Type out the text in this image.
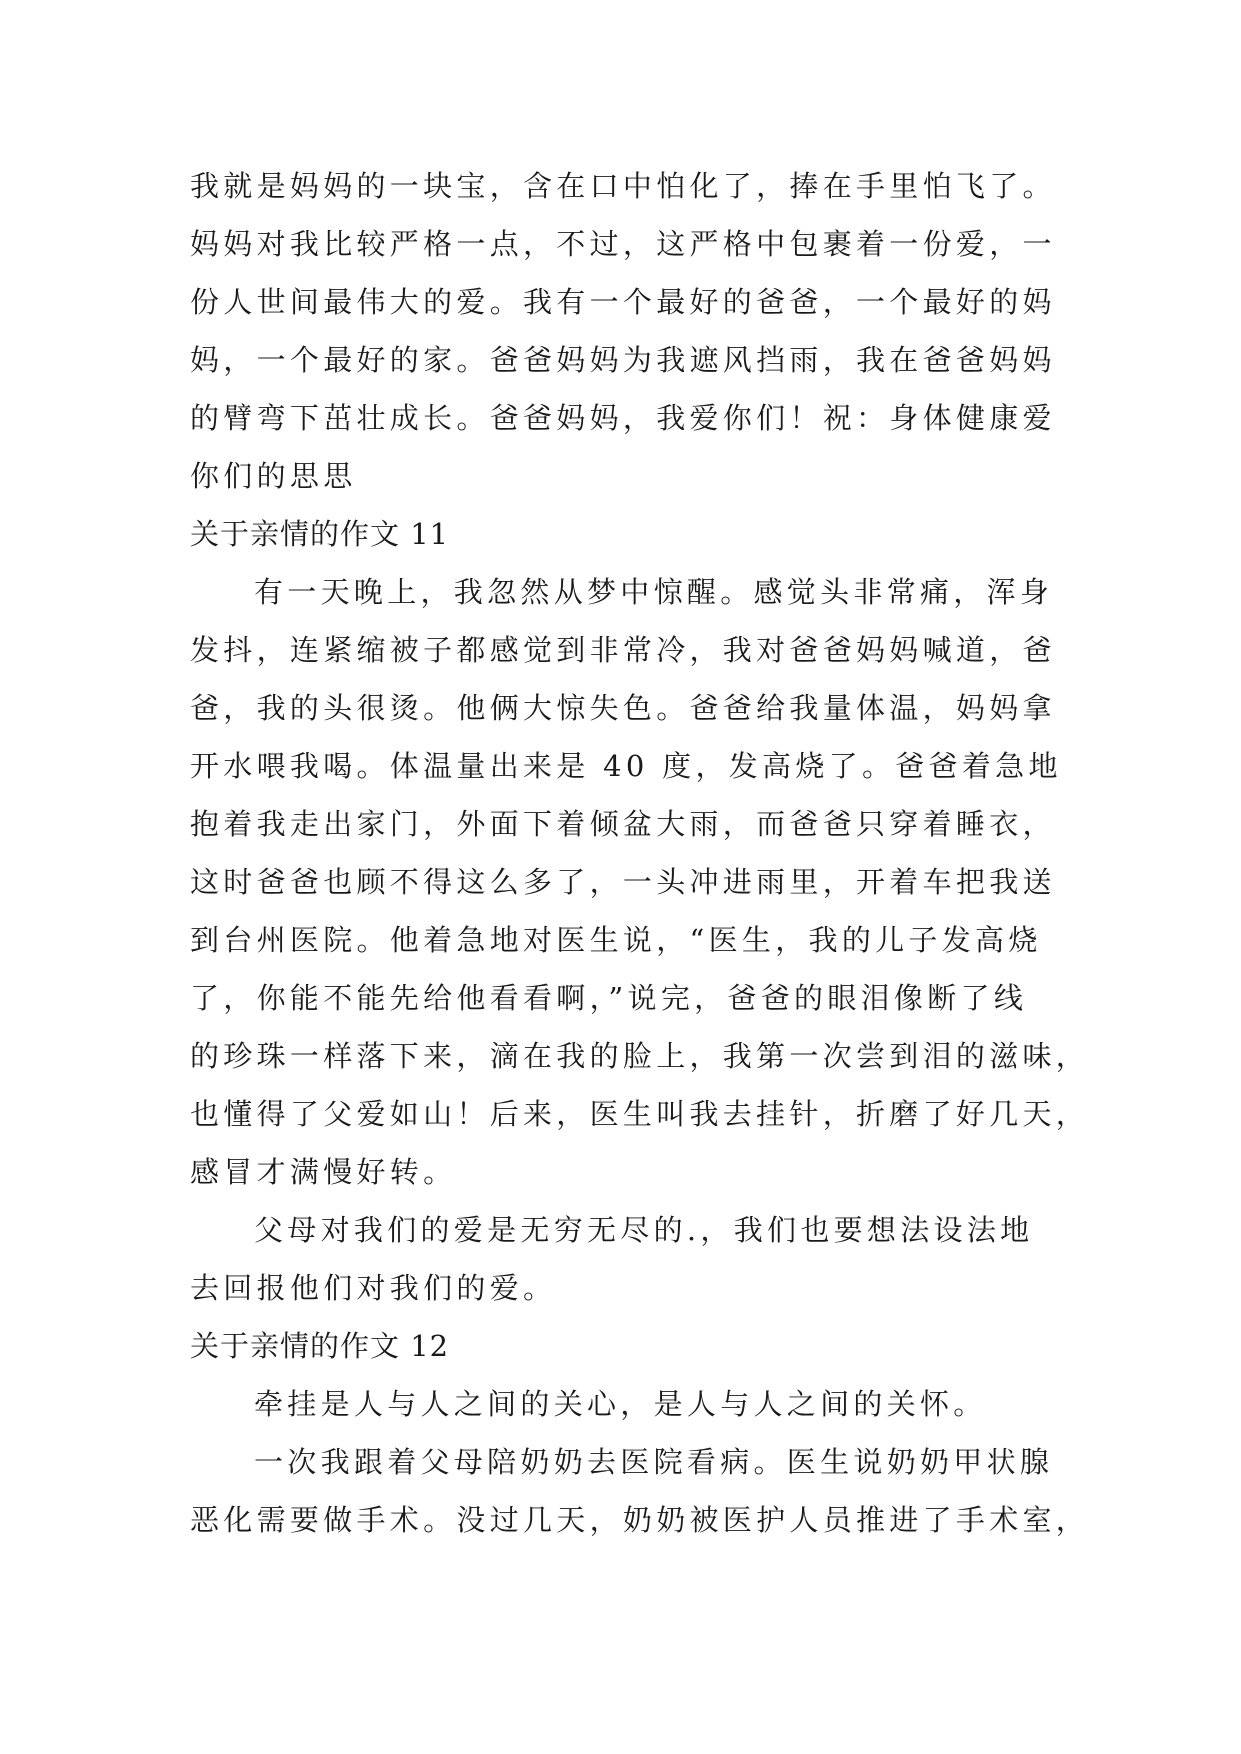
我就是妈妈的一块宝，含在口中怕化了，捧在手里怕飞了。
妈妈对我比较严格一点，不过，这严格中包裹着一份爱，一
份人世间最伟大的爱。我有一个最好的爸爸，一个最好的妈
妈，一个最好的家。爸爸妈妈为我遮风挡雨，我在爸爸妈妈
的臂弯下茁壮成长。爸爸妈妈，我爱你们！祝：身体健康爱
你们的思思
关于亲情的作文 11
有一天晚上，我忽然从梦中惊醒。感觉头非常痛，浑身
发抖，连紧缩被子都感觉到非常冷，我对爸爸妈妈喊道，爸
爸，我的头很烫。他俩大惊失色。爸爸给我量体温，妈妈拿
开水喂我喝。体温量出来是 40 度，发高烧了。爸爸着急地
抱着我走出家门，外面下着倾盆大雨，而爸爸只穿着睡衣，
这时爸爸也顾不得这么多了，一头冲进雨里，开着车把我送
到台州医院。他着急地对医生说，“医生，我的儿子发高烧
了，你能不能先给他看看啊，”说完，爸爸的眼泪像断了线
的珍珠一样落下来，滴在我的脸上，我第一次尝到泪的滋味，
也懂得了父爱如山！后来，医生叫我去挂针，折磨了好几天，
感冒才满慢好转。
父母对我们的爱是无穷无尽的.，我们也要想法设法地
去回报他们对我们的爱。
关于亲情的作文 12
牵挂是人与人之间的关心，是人与人之间的关怀。
一次我跟着父母陪奶奶去医院看病。医生说奶奶甲状腺
恶化需要做手术。没过几天，奶奶被医护人员推进了手术室，
